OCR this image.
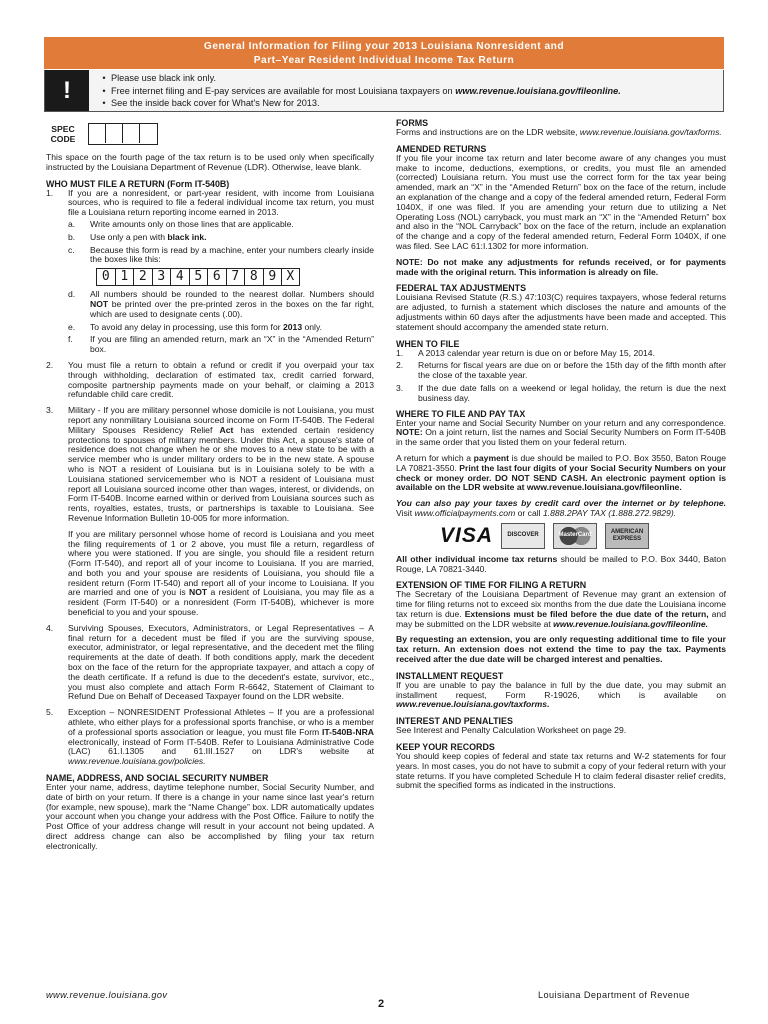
General Information for Filing your 2013 Louisiana Nonresident and
Part–Year Resident Individual Income Tax Return
!
•	Please use black ink only.
• Free internet filing and E-pay services are available for most Louisiana taxpayers on www.revenue.louisiana.gov/fileonline.
• See the inside back cover for What's New for 2013.
SPEC
CODE

This space on the fourth page of the tax return is to be used only when specifically instructed by the Louisiana Department of Revenue (LDR). Otherwise, leave blank.

WHO MUST FILE A RETURN (Form IT-540B)
1. If you are a nonresident, or part-year resident, with income from Louisiana sources, who is required to file a federal individual income tax return, you must file a Louisiana return reporting income earned in 2013.
a. Write amounts only on those lines that are applicable.
b. Use only a pen with black ink.
c. Because this form is read by a machine, enter your numbers clearly inside the boxes like this:
0 1 2 3 4 5 6 7 8 9 X
d. All numbers should be rounded to the nearest dollar. Numbers should NOT be printed over the pre-printed zeros in the boxes on the far right, which are used to designate cents (.00).
e. To avoid any delay in processing, use this form for 2013 only.
f. If you are filing an amended return, mark an “X” in the “Amended Return” box.
2. You must file a return to obtain a refund or credit if you overpaid your tax through withholding, declaration of estimated tax, credit carried forward, composite partnership payments made on your behalf, or claiming a 2013 refundable child care credit.
3. Military - If you are military personnel whose domicile is not Louisiana, you must report any nonmilitary Louisiana sourced income on Form IT-540B. The Federal Military Spouses Residency Relief Act has extended certain residency protections to spouses of military members. Under this Act, a spouse's state of residence does not change when he or she moves to a new state to be with a service member who is under military orders to be in the new state. A spouse who is NOT a resident of Louisiana but is in Louisiana solely to be with a Louisiana stationed servicemember who is NOT a resident of Louisiana must report all Louisiana sourced income other than wages, interest, or dividends, on Form IT-540B. Income earned within or derived from Louisiana sources such as rents, royalties, estates, trusts, or partnerships is taxable to Louisiana. See Revenue Information Bulletin 10-005 for more information.

If you are military personnel whose home of record is Louisiana and you meet the filing requirements of 1 or 2 above, you must file a return, regardless of where you were stationed. If you are single, you should file a resident return (Form IT-540), and report all of your income to Louisiana. If you are married, and both you and your spouse are residents of Louisiana, you should file a resident return (Form IT-540) and report all of your income to Louisiana. If you are married and one of you is NOT a resident of Louisiana, you may file as a resident (Form IT-540) or a nonresident (Form IT-540B), whichever is more beneficial to you and your spouse.

4. Surviving Spouses, Executors, Administrators, or Legal Representatives – A final return for a decedent must be filed if you are the surviving spouse, executor, administrator, or legal representative, and the decedent met the filing requirements at the date of death. If both conditions apply, mark the decedent box on the face of the return for the appropriate taxpayer, and attach a copy of the death certificate. If a refund is due to the decedent's estate, survivor, etc., you must also complete and attach Form R-6642, Statement of Claimant to Refund Due on Behalf of Deceased Taxpayer found on the LDR website.
5. Exception – NONRESIDENT Professional Athletes – If you are a professional athlete, who either plays for a professional sports franchise, or who is a member of a professional sports association or league, you must file Form IT-540B-NRA electronically, instead of Form IT-540B. Refer to Louisiana Administrative Code (LAC) 61.I.1305 and 61.III.1527 on LDR's website at www.revenue.louisiana.gov/policies.
NAME, ADDRESS, AND SOCIAL SECURITY NUMBER

Enter your name, address, daytime telephone number, Social Security Number, and date of birth on your return. If there is a change in your name since last year's return (for example, new spouse), mark the “Name Change” box. LDR automatically updates your account when you change your address with the Post Office. Failure to notify the Post Office of your address change will result in your account not being updated. A direct address change can also be accomplished by filing your tax return electronically.

FORMS

Forms and instructions are on the LDR website, www.revenue.louisiana.gov/taxforms.

AMENDED RETURNS

If you file your income tax return and later become aware of any changes you must make to income, deductions, exemptions, or credits, you must file an amended (corrected) Louisiana return. You must use the correct form for the tax year being amended, mark an “X” in the “Amended Return” box on the face of the return, include an explanation of the change and a copy of the federal amended return, Federal Form 1040X, if one was filed. If you are amending your return due to utilizing a Net Operating Loss (NOL) carryback, you must mark an “X” in the “Amended Return” box and also in the “NOL Carryback” box on the face of the return, include an explanation of the change and a copy of the federal amended return, Federal Form 1040X, if one was filed. See LAC 61:I.1302 for more information.

NOTE: Do not make any adjustments for refunds received, or for payments made with the original return. This information is already on file.

FEDERAL TAX ADJUSTMENTS

Louisiana Revised Statute (R.S.) 47:103(C) requires taxpayers, whose federal returns are adjusted, to furnish a statement which discloses the nature and amounts of the adjustments within 60 days after the adjustments have been made and accepted. This statement should accompany the amended state return.

WHEN TO FILE
1. A 2013 calendar year return is due on or before May 15, 2014.
2. Returns for fiscal years are due on or before the 15th day of the fifth month after the close of the taxable year.
3. If the due date falls on a weekend or legal holiday, the return is due the next business day.
WHERE TO FILE AND PAY TAX

Enter your name and Social Security Number on your return and any correspondence. NOTE: On a joint return, list the names and Social Security Numbers on Form IT-540B in the same order that you listed them on your federal return.

A return for which a payment is due should be mailed to P.O. Box 3550, Baton Rouge LA 70821-3550. Print the last four digits of your Social Security Numbers on your check or money order. DO NOT SEND CASH. An electronic payment option is available on the LDR website at www.revenue.louisiana.gov/fileonline.

You can also pay your taxes by credit card over the internet or by telephone. Visit www.officialpayments.com or call 1.888.2PAY TAX (1.888.272.9829).

VISA	DISCOVER	MasterCard
AMERICAN EXPRESS

All other individual income tax returns should be mailed to P.O. Box 3440, Baton Rouge, LA 70821-3440.

EXTENSION OF TIME FOR FILING A RETURN

The Secretary of the Louisiana Department of Revenue may grant an extension of time for filing returns not to exceed six months from the due date the Louisiana income tax return is due. Extensions must be filed before the due date of the return, and may be submitted on the LDR website at www.revenue.louisiana.gov/fileonline.

By requesting an extension, you are only requesting additional time to file your tax return. An extension does not extend the time to pay the tax. Payments received after the due date will be charged interest and penalties.

INSTALLMENT REQUEST

If you are unable to pay the balance in full by the due date, you may submit an installment request, Form R-19026, which is available on www.revenue.louisiana.gov/taxforms.

INTEREST AND PENALTIES

See Interest and Penalty Calculation Worksheet on page 29.

KEEP YOUR RECORDS

You should keep copies of federal and state tax returns and W-2 statements for four years. In most cases, you do not have to submit a copy of your federal return with your state returns. If you have completed Schedule H to claim federal disaster relief credits, submit the specified forms as indicated in the instructions.

www.revenue.louisiana.gov
2
Louisiana Department of Revenue
